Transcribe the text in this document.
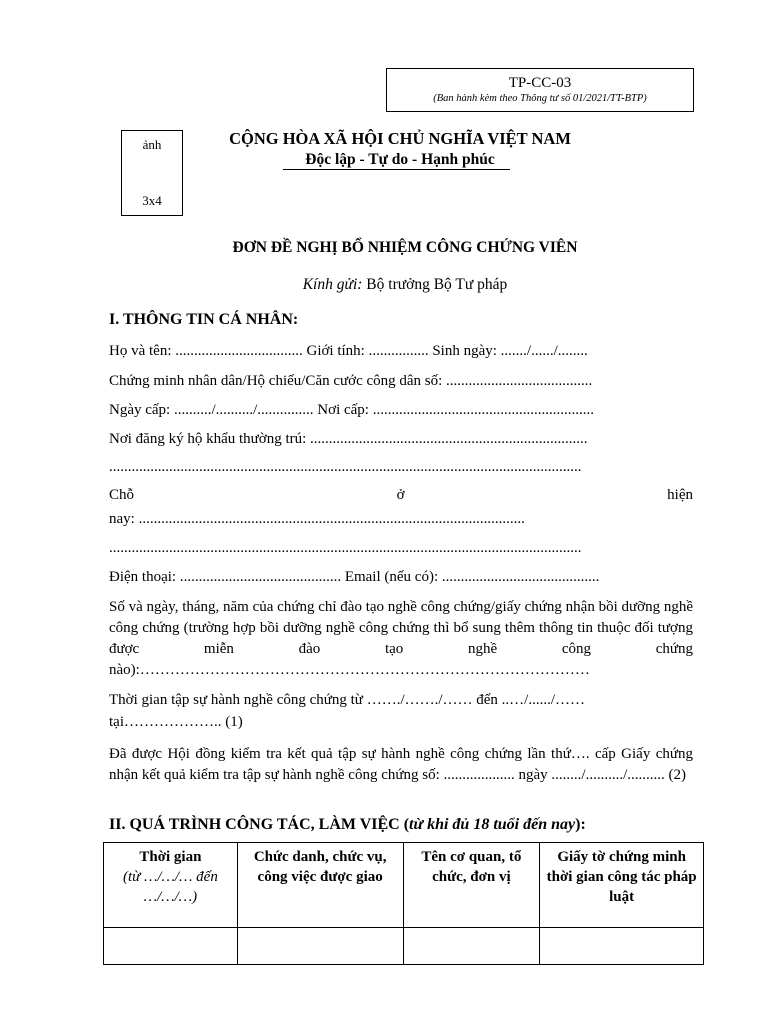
TP-CC-03
(Ban hành kèm theo Thông tư số 01/2021/TT-BTP)
ảnh
3x4
CỘNG HÒA XÃ HỘI CHỦ NGHĨA VIỆT NAM
Độc lập - Tự do - Hạnh phúc
ĐƠN ĐỀ NGHỊ BỔ NHIỆM CÔNG CHỨNG VIÊN
Kính gửi: Bộ trưởng Bộ Tư pháp
I. THÔNG TIN CÁ NHÂN:
Họ và tên: .................................. Giới tính: ................ Sinh ngày: ......./....../........
Chứng minh nhân dân/Hộ chiếu/Căn cước công dân số: .......................................
Ngày cấp: ........../........../............... Nơi cấp: ...........................................................
Nơi đăng ký hộ khẩu thường trú: ..........................................................................
..............................................................................................................................
Chỗ	ở	hiện
nay: .......................................................................................................
..............................................................................................................................
Điện thoại: ........................................... Email (nếu có): ..........................................
Số và ngày, tháng, năm của chứng chỉ đào tạo nghề công chứng/giấy chứng nhận bồi dưỡng nghề công chứng (trường hợp bồi dưỡng nghề công chứng thì bổ sung thêm thông tin thuộc đối tượng được miễn đào tạo nghề công chứng nào):………………………………………………………………………………
Thời gian tập sự hành nghề công chứng từ ……./……./…… đến ..…/....../……
tại……………….. (1)
Đã được Hội đồng kiểm tra kết quả tập sự hành nghề công chứng lần thứ…. cấp Giấy chứng nhận kết quả kiểm tra tập sự hành nghề công chứng số: ................... ngày ......../........../.......... (2)
II. QUÁ TRÌNH CÔNG TÁC, LÀM VIỆC (từ khi đủ 18 tuổi đến nay):
Thời gian
(từ …/…/… đến …/…/…)	Chức danh, chức vụ, công việc được giao	Tên cơ quan, tổ chức, đơn vị	Giấy tờ chứng minh thời gian công tác pháp luật
